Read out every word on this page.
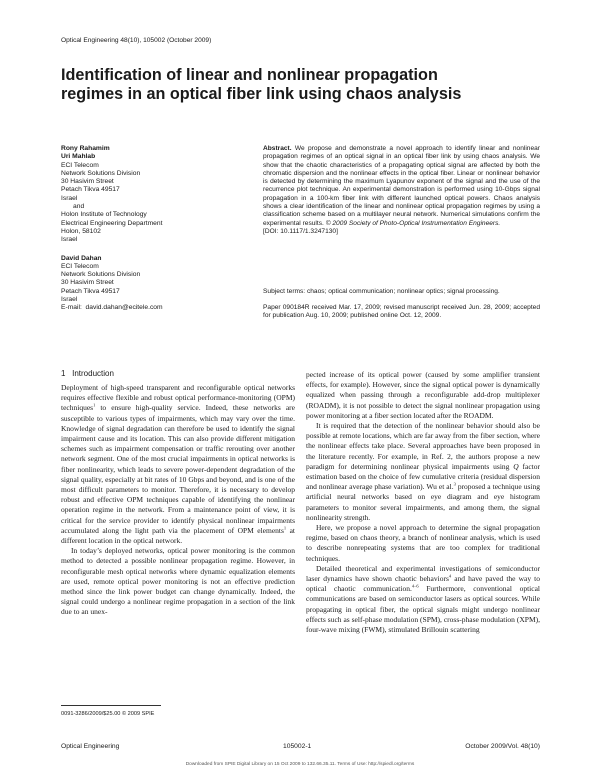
Optical Engineering 48(10), 105002 (October 2009)
Identification of linear and nonlinear propagation regimes in an optical fiber link using chaos analysis
Rony Rahamim
Uri Mahlab
ECI Telecom
Network Solutions Division
30 Hasivim Street
Petach Tikva 49517
Israel
and
Holon Institute of Technology
Electrical Engineering Department
Holon, 58102
Israel
David Dahan
ECI Telecom
Network Solutions Division
30 Hasivim Street
Petach Tikva 49517
Israel
E-mail: david.dahan@ecitele.com
Abstract. We propose and demonstrate a novel approach to identify linear and nonlinear propagation regimes of an optical signal in an optical fiber link by using chaos analysis. We show that the chaotic characteristics of a propagating optical signal are affected by both the chromatic dispersion and the nonlinear effects in the optical fiber. Linear or nonlinear behavior is detected by determining the maximum Lyapunov exponent of the signal and the use of the recurrence plot technique. An experimental demonstration is performed using 10-Gbps signal propagation in a 100-km fiber link with different launched optical powers. Chaos analysis shows a clear identification of the linear and nonlinear optical propagation regimes by using a classification scheme based on a multilayer neural network. Numerical simulations confirm the experimental results. © 2009 Society of Photo-Optical Instrumentation Engineers.
[DOI: 10.1117/1.3247130]
Subject terms: chaos; optical communication; nonlinear optics; signal processing.
Paper 090184R received Mar. 17, 2009; revised manuscript received Jun. 28, 2009; accepted for publication Aug. 10, 2009; published online Oct. 12, 2009.
1 Introduction

Deployment of high-speed transparent and reconfigurable optical networks requires effective flexible and robust optical performance-monitoring (OPM) techniques$^1$ to ensure high-quality service. Indeed, these networks are susceptible to various types of impairments, which may vary over the time. Knowledge of signal degradation can therefore be used to identify the signal impairment cause and its location. This can also provide different mitigation schemes such as impairment compensation or traffic rerouting over another network segment. One of the most crucial impairments in optical networks is fiber nonlinearity, which leads to severe power-dependent degradation of the signal quality, especially at bit rates of 10 Gbps and beyond, and is one of the most difficult parameters to monitor. Therefore, it is necessary to develop robust and effective OPM techniques capable of identifying the nonlinear operation regime in the network. From a maintenance point of view, it is critical for the service provider to identify physical nonlinear impairments accumulated along the light path via the placement of OPM elements$^1$ at different location in the optical network.

In today’s deployed networks, optical power monitoring is the common method to detected a possible nonlinear propagation regime. However, in reconfigurable mesh optical networks where dynamic equalization elements are used, remote optical power monitoring is not an effective prediction method since the link power budget can change dynamically. Indeed, the signal could undergo a nonlinear regime propagation in a section of the link due to an unex-

pected increase of its optical power (caused by some amplifier transient effects, for example). However, since the signal optical power is dynamically equalized when passing through a reconfigurable add-drop multiplexer (ROADM), it is not possible to detect the signal nonlinear propagation using power monitoring at a fiber section located after the ROADM.

It is required that the detection of the nonlinear behavior should also be possible at remote locations, which are far away from the fiber section, where the nonlinear effects take place. Several approaches have been proposed in the literature recently. For example, in Ref. 2, the authors propose a new paradigm for determining nonlinear physical impairments using Q factor estimation based on the choice of few cumulative criteria (residual dispersion and nonlinear average phase variation). Wu et al.$^3$ proposed a technique using artificial neural networks based on eye diagram and eye histogram parameters to monitor several impairments, and among them, the signal nonlinearity strength.

Here, we propose a novel approach to determine the signal propagation regime, based on chaos theory, a branch of nonlinear analysis, which is used to describe nonrepeating systems that are too complex for traditional techniques.

Detailed theoretical and experimental investigations of semiconductor laser dynamics have shown chaotic behaviors$^4$ and have paved the way to optical chaotic communication.$^{4-6}$ Furthermore, conventional optical communications are based on semiconductor lasers as optical sources. While propagating in optical fiber, the optical signals might undergo nonlinear effects such as self-phase modulation (SPM), cross-phase modulation (XPM), four-wave mixing (FWM), stimulated Brillouin scattering

0091-3286/2009/$25.00 © 2009 SPIE
Optical Engineering	105002-1	October 2009/Vol. 48(10)
Downloaded from SPIE Digital Library on 15 Oct 2009 to 132.66.35.11. Terms of Use: http://spiedl.org/terms
